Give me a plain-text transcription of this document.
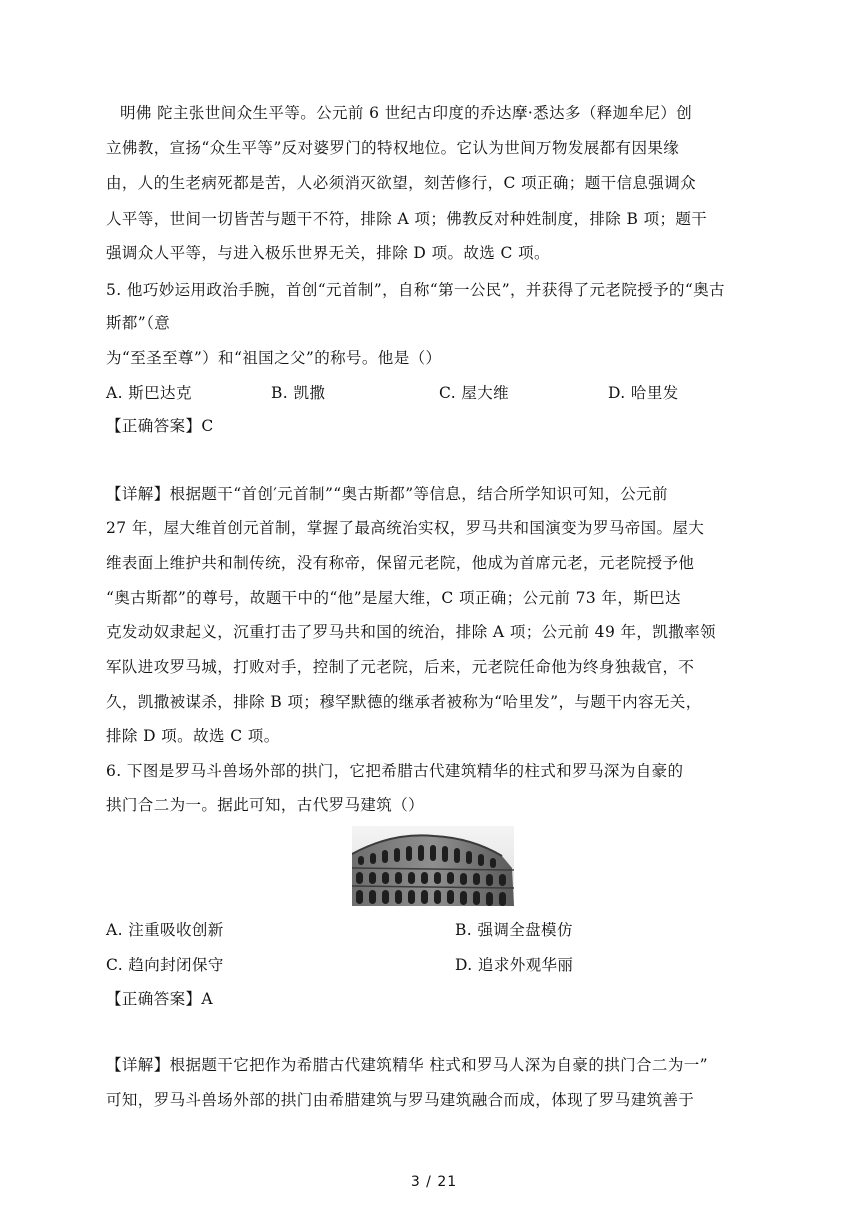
明佛 陀主张世间众生平等。公元前 6 世纪古印度的乔达摩·悉达多（释迦牟尼）创
立佛教，宣扬“众生平等”反对婆罗门的特权地位。它认为世间万物发展都有因果缘
由，人的生老病死都是苦，人必须消灭欲望，刻苦修行，C 项正确；题干信息强调众
人平等，世间一切皆苦与题干不符，排除 A 项；佛教反对种姓制度，排除 B 项；题干
强调众人平等，与进入极乐世界无关，排除 D 项。故选 C 项。
5. 他巧妙运用政治手腕，首创“元首制”，自称“第一公民”，并获得了元老院授予的“奥古
斯都”（意
为“至圣至尊”）和“祖国之父”的称号。他是（）
A. 斯巴达克	B. 凯撒	C. 屋大维	D. 哈里发
【正确答案】C
【详解】根据题干“首创′元首制”“奥古斯都”等信息，结合所学知识可知，公元前
27 年，屋大维首创元首制，掌握了最高统治实权，罗马共和国演变为罗马帝国。屋大
维表面上维护共和制传统，没有称帝，保留元老院，他成为首席元老，元老院授予他
“奥古斯都”的尊号，故题干中的“他”是屋大维，C 项正确；公元前 73 年，斯巴达
克发动奴隶起义，沉重打击了罗马共和国的统治，排除 A 项；公元前 49 年，凯撒率领
军队进攻罗马城，打败对手，控制了元老院，后来，元老院任命他为终身独裁官，不
久，凯撒被谋杀，排除 B 项；穆罕默德的继承者被称为“哈里发”，与题干内容无关，
排除 D 项。故选 C 项。
6. 下图是罗马斗兽场外部的拱门，它把希腊古代建筑精华的柱式和罗马深为自豪的
拱门合二为一。据此可知，古代罗马建筑（）
A. 注重吸收创新	B. 强调全盘模仿
C. 趋向封闭保守	D. 追求外观华丽
【正确答案】A
【详解】根据题干它把作为希腊古代建筑精华 柱式和罗马人深为自豪的拱门合二为一”
可知，罗马斗兽场外部的拱门由希腊建筑与罗马建筑融合而成，体现了罗马建筑善于
3 / 21
